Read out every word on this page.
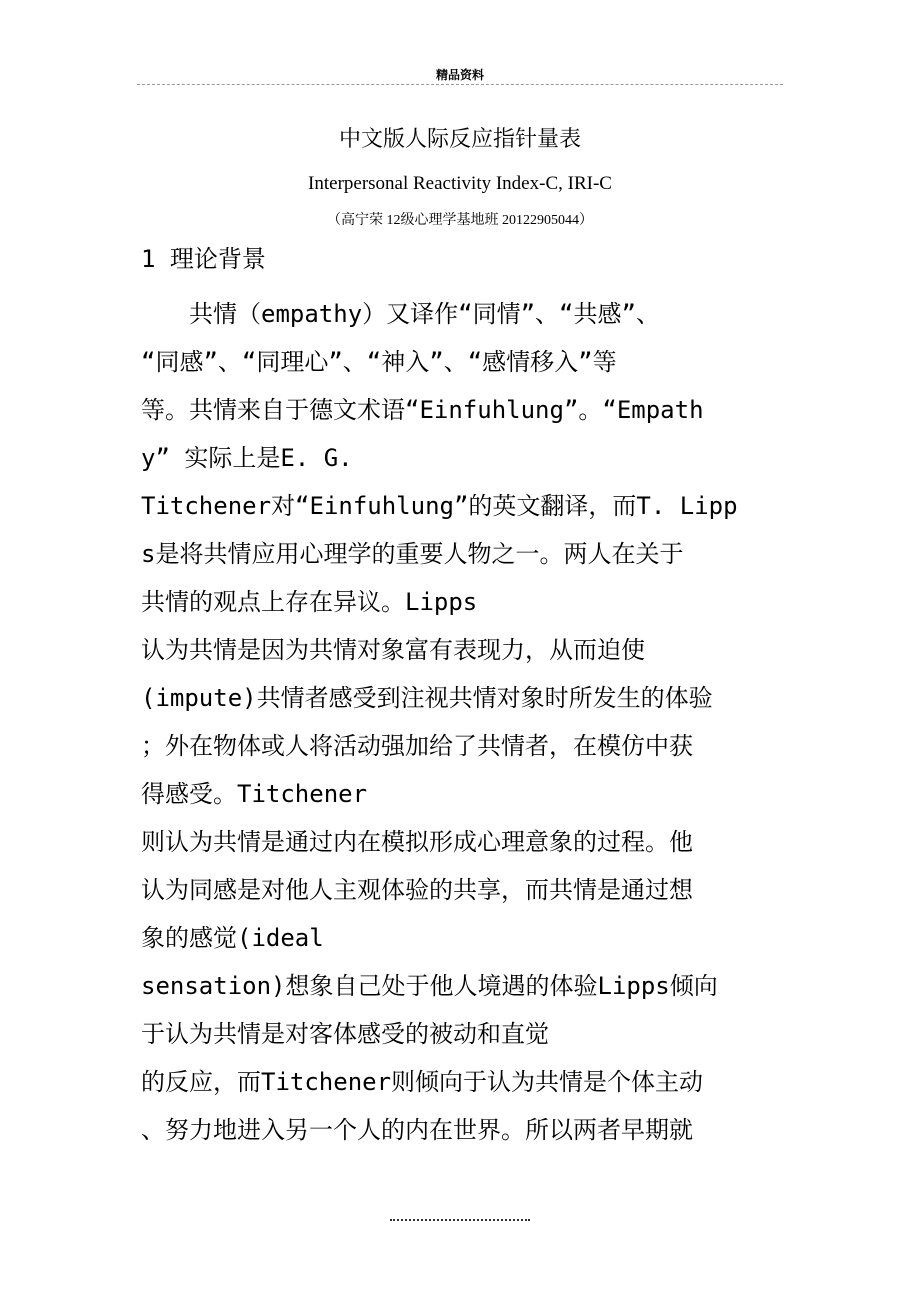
精品资料
中文版人际反应指针量表
Interpersonal Reactivity Index-C, IRI-C
（高宁荣 12级心理学基地班 20122905044）
1 理论背景
　　共情（empathy）又译作“同情”、“共感”、
“同感”、“同理心”、“神入”、“感情移入”等
等。共情来自于德文术语“Einfuhlung”。“Empath
y” 实际上是E. G.
Titchener对“Einfuhlung”的英文翻译，而T. Lipp
s是将共情应用心理学的重要人物之一。两人在关于
共情的观点上存在异议。Lipps
认为共情是因为共情对象富有表现力，从而迫使
(impute)共情者感受到注视共情对象时所发生的体验
；外在物体或人将活动强加给了共情者，在模仿中获
得感受。Titchener
则认为共情是通过内在模拟形成心理意象的过程。他
认为同感是对他人主观体验的共享，而共情是通过想
象的感觉(ideal
sensation)想象自己处于他人境遇的体验Lipps倾向
于认为共情是对客体感受的被动和直觉
的反应，而Titchener则倾向于认为共情是个体主动
、努力地进入另一个人的内在世界。所以两者早期就
